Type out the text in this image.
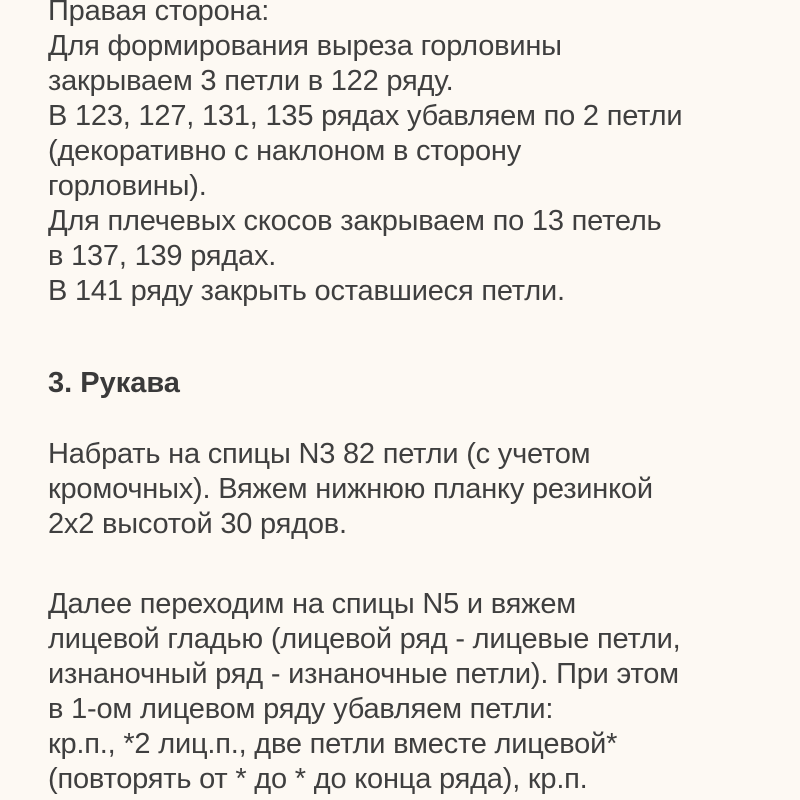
Правая сторона:
Для формирования выреза горловины
закрываем 3 петли в 122 ряду.
В 123, 127, 131, 135 рядах убавляем по 2 петли
(декоративно с наклоном в сторону
горловины).
Для плечевых скосов закрываем по 13 петель
в 137, 139 рядах.
В 141 ряду закрыть оставшиеся петли.
3. Рукава
Набрать на спицы N3 82 петли (с учетом
кромочных). Вяжем нижнюю планку резинкой
2x2 высотой 30 рядов.
Далее переходим на спицы N5 и вяжем
лицевой гладью (лицевой ряд - лицевые петли,
изнаночный ряд - изнаночные петли). При этом
в 1-ом лицевом ряду убавляем петли:
кр.п., *2 лиц.п., две петли вместе лицевой*
(повторять от * до * до конца ряда), кр.п.
